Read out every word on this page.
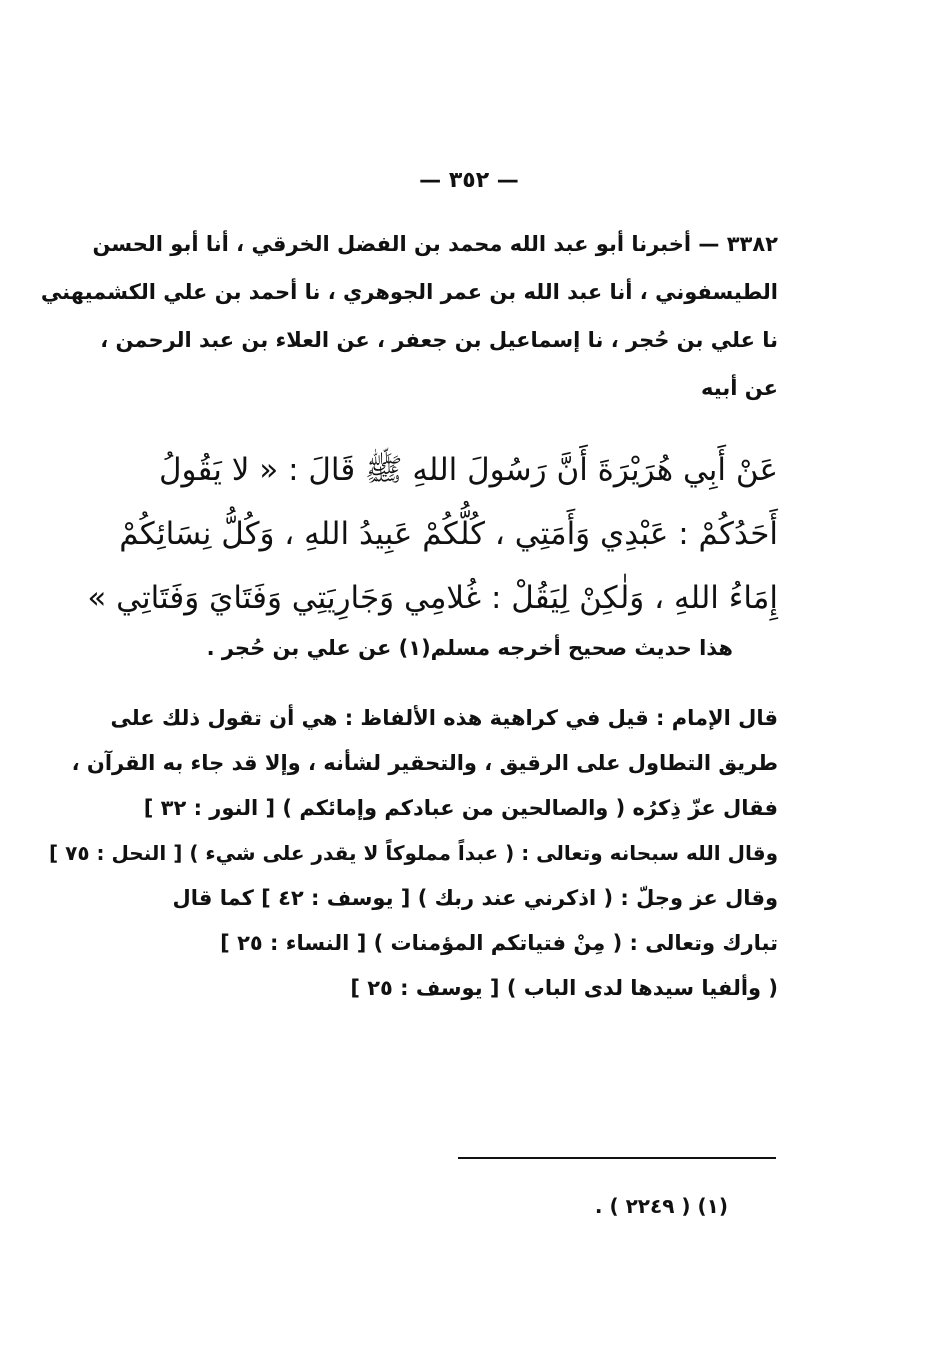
— ٣٥٢ —
٣٣٨٢ — أخبرنا أبو عبد الله محمد بن الفضل الخرقي ، أنا أبو الحسن
الطيسفوني ، أنا عبد الله بن عمر الجوهري ، نا أحمد بن علي الكشميهني
نا علي بن حُجر ، نا إسماعيل بن جعفر ، عن العلاء بن عبد الرحمن ،
عن أبيه
عَنْ أَبِي هُرَيْرَةَ أَنَّ رَسُولَ اللهِ ﷺ قَالَ : « لا يَقُولُ
أَحَدُكُمْ : عَبْدِي وَأَمَتِي ، كُلُّكُمْ عَبِيدُ اللهِ ، وَكُلُّ نِسَائِكُمْ
إِمَاءُ اللهِ ، وَلٰكِنْ لِيَقُلْ : غُلامِي وَجَارِيَتِي وَفَتَايَ وَفَتَاتِي »
هذا حديث صحيح أخرجه مسلم(١) عن علي بن حُجر .
قال الإمام : قيل في كراهية هذه الألفاظ : هي أن تقول ذلك على
طريق التطاول على الرقيق ، والتحقير لشأنه ، وإلا قد جاء به القرآن ،
فقال عزّ ذِكرُه ( والصالحين من عبادكم وإمائكم ) [ النور : ٣٢ ]
وقال الله سبحانه وتعالى : ( عبداً مملوكاً لا يقدر على شيء ) [ النحل : ٧٥ ]
وقال عز وجلّ : ( اذكرني عند ربك ) [ يوسف : ٤٢ ] كما قال
تبارك وتعالى : ( مِنْ فتياتكم المؤمنات ) [ النساء : ٢٥ ]
( وألفيا سيدها لدى الباب ) [ يوسف : ٢٥ ]
(١) ( ٢٢٤٩ ) .
